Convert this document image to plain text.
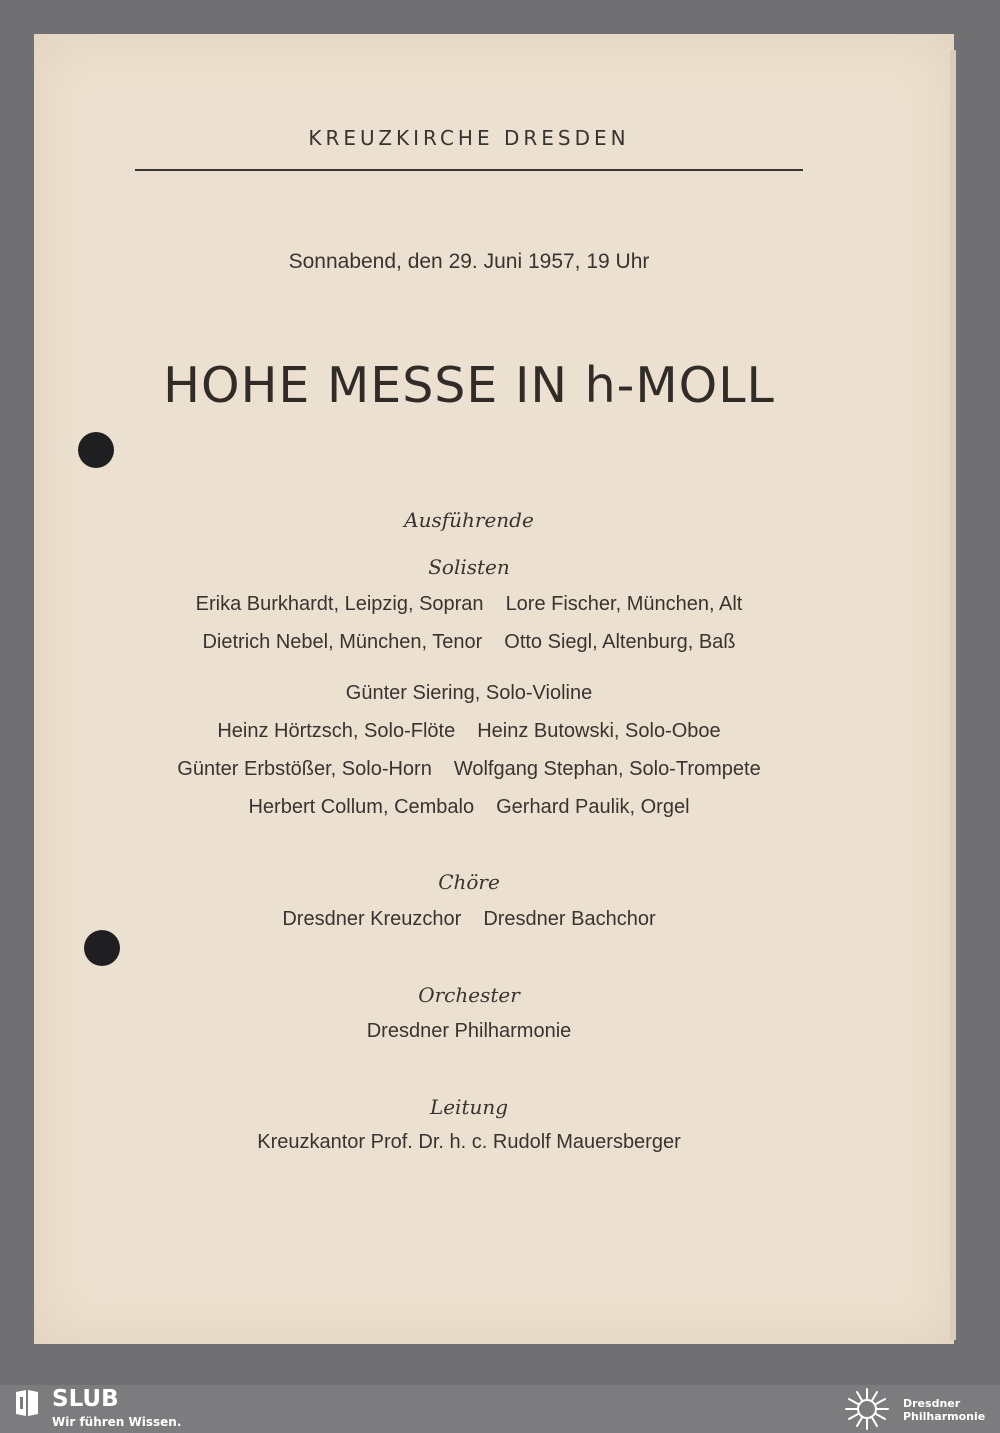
KREUZKIRCHE DRESDEN
Sonnabend, den 29. Juni 1957, 19 Uhr
HOHE MESSE IN h-MOLL
Ausführende
Solisten
Erika Burkhardt, Leipzig, Sopran Lore Fischer, München, Alt
Dietrich Nebel, München, Tenor Otto Siegl, Altenburg, Baß
Günter Siering, Solo-Violine
Heinz Hörtzsch, Solo-Flöte Heinz Butowski, Solo-Oboe
Günter Erbstößer, Solo-Horn Wolfgang Stephan, Solo-Trompete
Herbert Collum, Cembalo Gerhard Paulik, Orgel
Chöre
Dresdner Kreuzchor Dresdner Bachchor
Orchester
Dresdner Philharmonie
Leitung
Kreuzkantor Prof. Dr. h. c. Rudolf Mauersberger
SLUB
Wir führen Wissen.
Dresdner
Philharmonie
